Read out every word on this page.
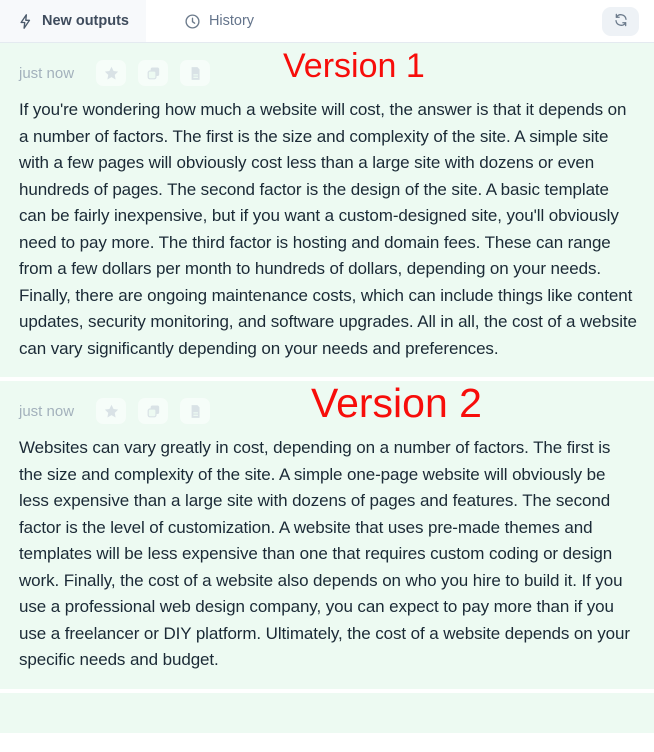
New outputs	History
just now	Version 1

If you're wondering how much a website will cost, the answer is that it depends on a number of factors. The first is the size and complexity of the site. A simple site with a few pages will obviously cost less than a large site with dozens or even hundreds of pages. The second factor is the design of the site. A basic template can be fairly inexpensive, but if you want a custom-designed site, you'll obviously need to pay more. The third factor is hosting and domain fees. These can range from a few dollars per month to hundreds of dollars, depending on your needs. Finally, there are ongoing maintenance costs, which can include things like content updates, security monitoring, and software upgrades. All in all, the cost of a website can vary significantly depending on your needs and preferences.

just now	Version 2

Websites can vary greatly in cost, depending on a number of factors. The first is the size and complexity of the site. A simple one-page website will obviously be less expensive than a large site with dozens of pages and features. The second factor is the level of customization. A website that uses pre-made themes and templates will be less expensive than one that requires custom coding or design work. Finally, the cost of a website also depends on who you hire to build it. If you use a professional web design company, you can expect to pay more than if you use a freelancer or DIY platform. Ultimately, the cost of a website depends on your specific needs and budget.
